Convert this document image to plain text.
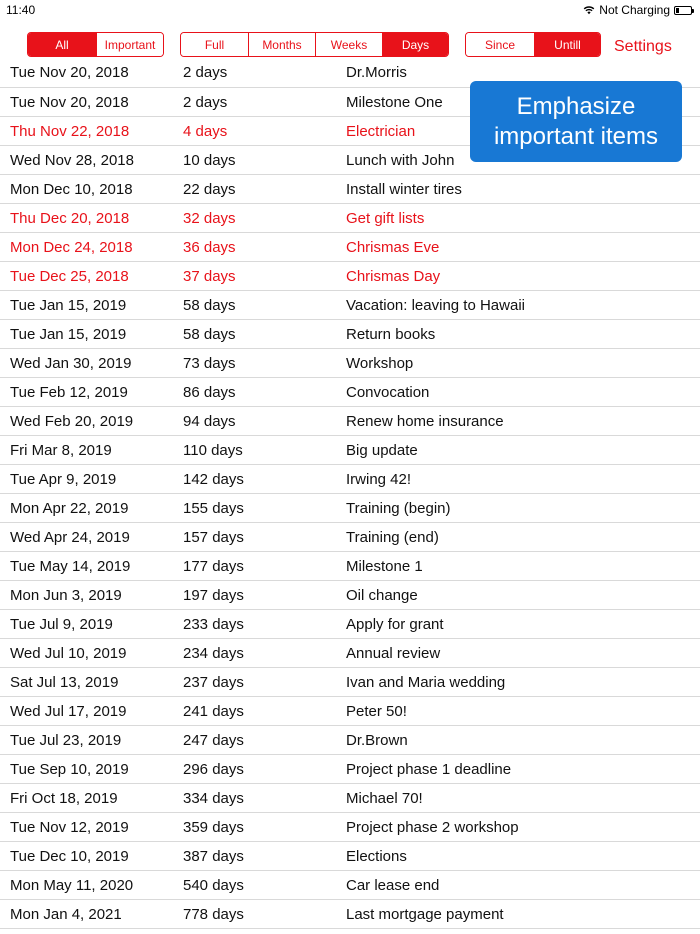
11:40	Not Charging
All	Important	Full	Months	Weeks	Days	Since	Untill	Settings
Tue Nov 20, 2018	2 days	Dr.Morris
Tue Nov 20, 2018	2 days	Milestone One
Thu Nov 22, 2018	4 days	Electrician
Wed Nov 28, 2018	10 days	Lunch with John
Mon Dec 10, 2018	22 days	Install winter tires
Thu Dec 20, 2018	32 days	Get gift lists
Mon Dec 24, 2018	36 days	Chrismas Eve
Tue Dec 25, 2018	37 days	Chrismas Day
Tue Jan 15, 2019	58 days	Vacation: leaving to Hawaii
Tue Jan 15, 2019	58 days	Return books
Wed Jan 30, 2019	73 days	Workshop
Tue Feb 12, 2019	86 days	Convocation
Wed Feb 20, 2019	94 days	Renew home insurance
Fri Mar 8, 2019	110 days	Big update
Tue Apr 9, 2019	142 days	Irwing 42!
Mon Apr 22, 2019	155 days	Training (begin)
Wed Apr 24, 2019	157 days	Training (end)
Tue May 14, 2019	177 days	Milestone 1
Mon Jun 3, 2019	197 days	Oil change
Tue Jul 9, 2019	233 days	Apply for grant
Wed Jul 10, 2019	234 days	Annual review
Sat Jul 13, 2019	237 days	Ivan and Maria wedding
Wed Jul 17, 2019	241 days	Peter 50!
Tue Jul 23, 2019	247 days	Dr.Brown
Tue Sep 10, 2019	296 days	Project phase 1 deadline
Fri Oct 18, 2019	334 days	Michael 70!
Tue Nov 12, 2019	359 days	Project phase 2 workshop
Tue Dec 10, 2019	387 days	Elections
Mon May 11, 2020	540 days	Car lease end
Mon Jan 4, 2021	778 days	Last mortgage payment
Emphasize
important items
